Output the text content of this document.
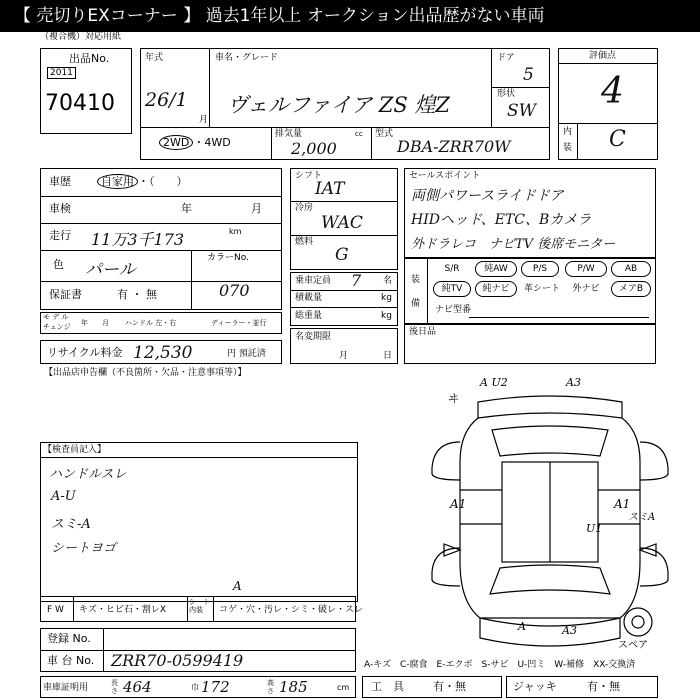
【 売切りEXコーナー 】 過去1年以上 オークション出品歴がない車両
（複合機）対応用紙
出品No.
2011
70410
年式
26/1
月
車名・グレード
ヴェルファイア ZS 煌Z
ドア
5
形状
SW
2WD ・4WD
排気量	cc
2,000
型式
DBA-ZRR70W
評価点
4
内
装 C
車歴	自家用 ・（　　）
車検	年	月
走行 11万3千173	km
色 パール
カラーNo.
070
保証書	有 ・ 無
モ デ ル
チェンジ 年　　月 ハンドル 左・右	ディーラー・並行
リサイクル料金 12,530	円 預託済
シフト
IAT
冷房
WAC
燃料
G
乗車定員 7 名
積載量	kg
総重量	kg
名変期限
月	日
セールスポイント
両側パワースライドドア
HIDヘッド、ETC、Bカメラ
外ドラレコ　ナビTV 後席モニター
装
備
S/R	純AW	P/S	P/W	AB
純TV	純ナビ	革シート	外ナビ	メアB
ナビ型番
後日品
【出品店申告欄（不良箇所・欠品・注意事項等）】
【検査員記入】
ハンドルスレ
A-U
スミ-A
シートヨゴ
A U2	A3
ヰ
A1	A1
U1
スミA
A	A3
スペア
F W キズ・ヒビ石・割レX
シート内装	コゲ・穴・汚レ・シミ・破レ・スレ
A
登録 No.
車 台 No. ZRR70-0599419	A-キズ　C-腐食　E-エクボ　S-サビ　U-凹ミ　W-補修　XX-交換済
車庫証明用	長さ 464	巾 172	高さ 185	cm 工　具	有・無	ジャッキ	有・無
